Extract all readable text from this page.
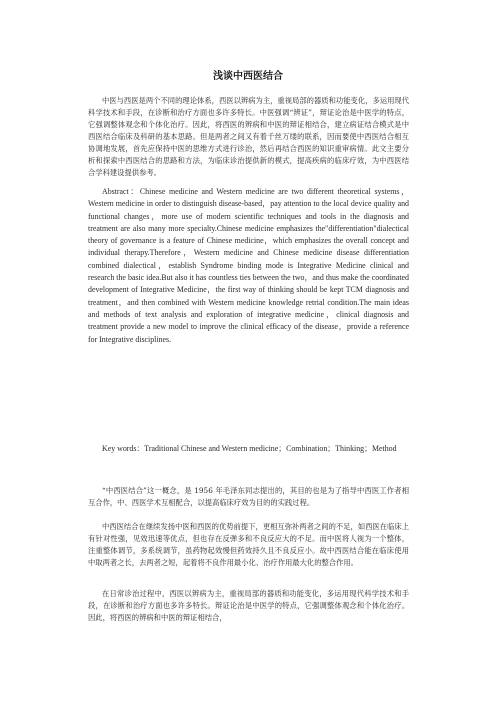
浅谈中西医结合

中医与西医是两个不同的理论体系，西医以辨病为主，重视局部的器质和功能变化，多运用现代科学技术和手段，在诊断和治疗方面也多许多特长。中医强调“辨证”，辩证论治是中医学的特点，它强调整体观念和个体化治疗。因此，将西医的辨病和中医的辩证相结合，建立病证结合模式是中西医结合临床及科研的基本思路。但是两者之间又有着千丝万缕的联系，因而要使中西医结合相互协调地发展，首先应保持中医的思维方式进行诊治，然后再结合西医的知识重审病情。此文主要分析和探索中西医结合的思路和方法，为临床诊治提供新的模式，提高疾病的临床疗效，为中西医结合学科建设提供参考。

Abstract：Chinese medicine and Western medicine are two different theoretical systems，Western medicine in order to distinguish disease-based，pay attention to the local device quality and functional changes，more use of modern scientific techniques and tools in the diagnosis and treatment are also many more specialty.Chinese medicine emphasizes the"differentiation"dialectical theory of governance is a feature of Chinese medicine，which emphasizes the overall concept and individual therapy.Therefore，Western medicine and Chinese medicine disease differentiation combined dialectical，establish Syndrome binding mode is Integrative Medicine clinical and research the basic idea.But also it has countless ties between the two，and thus make the coordinated development of Integrative Medicine，the first way of thinking should be kept TCM diagnosis and treatment，and then combined with Western medicine knowledge retrial condition.The main ideas and methods of text analysis and exploration of integrative medicine，clinical diagnosis and treatment provide a new model to improve the clinical efficacy of the disease，provide a reference for Integrative disciplines.

Key words：Traditional Chinese and Western medicine；Combination；Thinking；Method

“中西医结合”这一概念，是 1956 年毛泽东同志提出的，其目的也是为了指导中西医工作者相互合作，中、西医学术互相配合，以提高临床疗效为目的的实践过程。

中西医结合在继续发扬中医和西医的优势前提下，更相互弥补两者之间的不足，如西医在临床上有针对性强，见效迅速等优点，但也存在反弹多和不良反应大的不足。而中医将人视为一个整体，注重整体调节，多系统调节，虽药物起效慢但药效持久且不良反应小。故中西医结合能在临床使用中取两者之长，去两者之短，起着将不良作用最小化、治疗作用最大化的整合作用。

在日常诊治过程中，西医以辨病为主，重视局部的器质和功能变化，多运用现代科学技术和手段，在诊断和治疗方面也多许多特长。辩证论治是中医学的特点，它强调整体观念和个体化治疗。因此，将西医的辨病和中医的辩证相结合，
